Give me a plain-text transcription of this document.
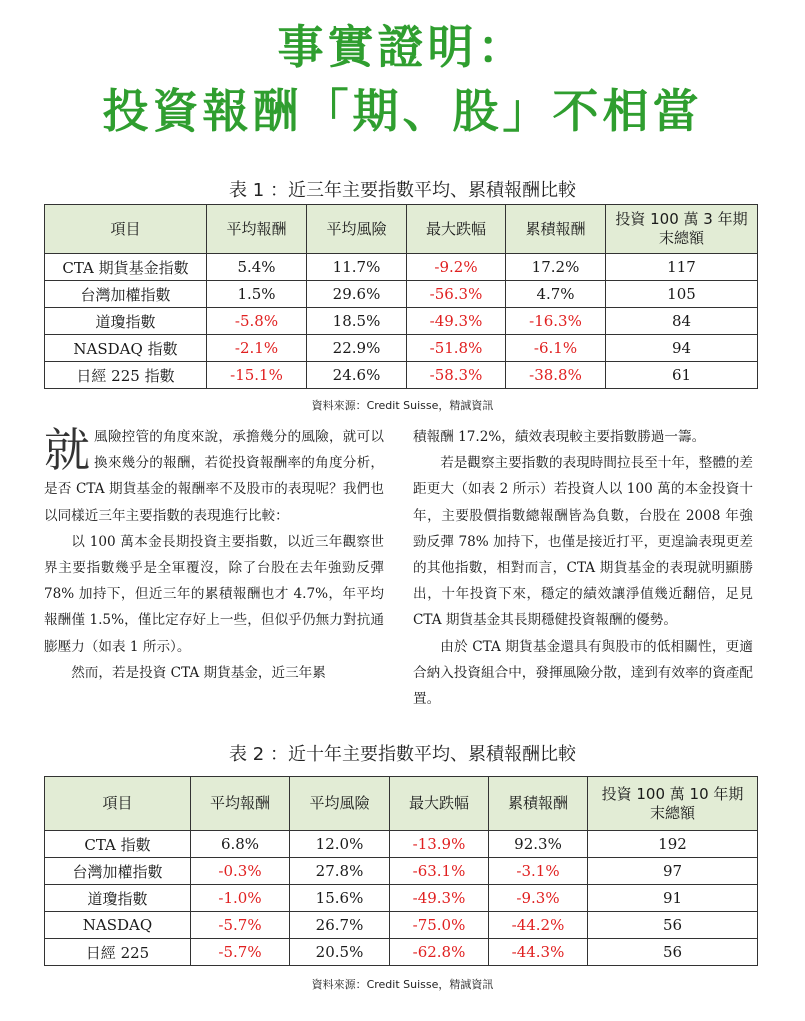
事實證明：
投資報酬「期、股」不相當
表 1 ：近三年主要指數平均、累積報酬比較
項目	平均報酬	平均風險	最大跌幅	累積報酬	投資 100 萬 3 年期末總額
CTA 期貨基金指數	5.4%	11.7%	-9.2%	17.2%	117
台灣加權指數	1.5%	29.6%	-56.3%	4.7%	105
道瓊指數	-5.8%	18.5%	-49.3%	-16.3%	84
NASDAQ 指數	-2.1%	22.9%	-51.8%	-6.1%	94
日經 225 指數	-15.1%	24.6%	-58.3%	-38.8%	61
資料來源：Credit Suisse，精誠資訊

就風險控管的角度來說，承擔幾分的風險，就可以換來幾分的報酬，若從投資報酬率的角度分析，是否 CTA 期貨基金的報酬率不及股市的表現呢？我們也以同樣近三年主要指數的表現進行比較：

以 100 萬本金長期投資主要指數，以近三年觀察世界主要指數幾乎是全軍覆沒，除了台股在去年強勁反彈 78% 加持下，但近三年的累積報酬也才 4.7%，年平均報酬僅 1.5%，僅比定存好上一些，但似乎仍無力對抗通膨壓力（如表 1 所示）。

然而，若是投資 CTA 期貨基金，近三年累

積報酬 17.2%，績效表現較主要指數勝過一籌。

若是觀察主要指數的表現時間拉長至十年，整體的差距更大（如表 2 所示）若投資人以 100 萬的本金投資十年，主要股價指數總報酬皆為負數，台股在 2008 年強勁反彈 78% 加持下，也僅是接近打平，更遑論表現更差的其他指數，相對而言，CTA 期貨基金的表現就明顯勝出，十年投資下來，穩定的績效讓淨值幾近翻倍，足見 CTA 期貨基金其長期穩健投資報酬的優勢。

由於 CTA 期貨基金還具有與股市的低相關性，更適合納入投資組合中，發揮風險分散，達到有效率的資產配置。

表 2 ：近十年主要指數平均、累積報酬比較
項目	平均報酬	平均風險	最大跌幅	累積報酬	投資 100 萬 10 年期末總額
CTA 指數	6.8%	12.0%	-13.9%	92.3%	192
台灣加權指數	-0.3%	27.8%	-63.1%	-3.1%	97
道瓊指數	-1.0%	15.6%	-49.3%	-9.3%	91
NASDAQ	-5.7%	26.7%	-75.0%	-44.2%	56
日經 225	-5.7%	20.5%	-62.8%	-44.3%	56
資料來源：Credit Suisse，精誠資訊
